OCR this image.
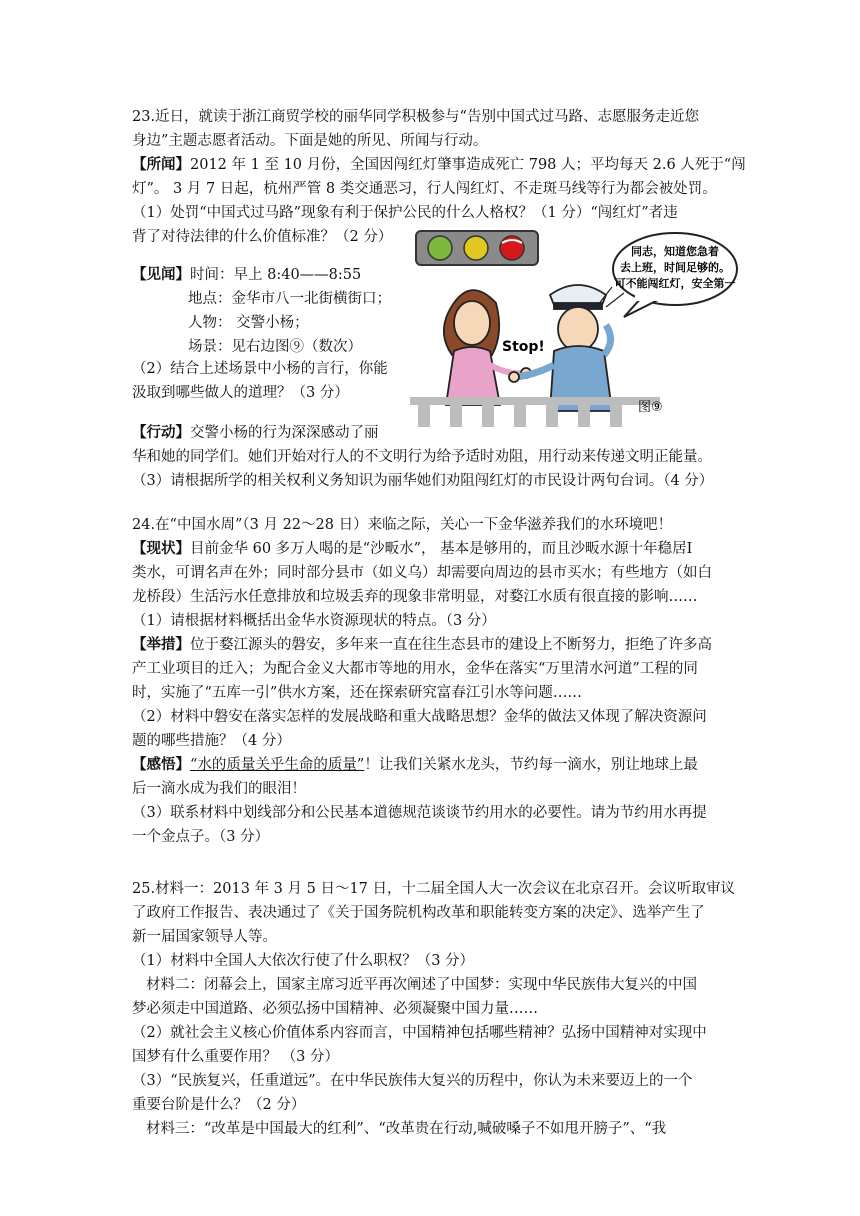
23.近日，就读于浙江商贸学校的丽华同学积极参与“告别中国式过马路、志愿服务走近您
身边”主题志愿者活动。下面是她的所见、所闻与行动。
【所闻】2012 年 1 至 10 月份，全国因闯红灯肇事造成死亡 798 人；平均每天 2.6 人死于“闯
灯”。 3 月 7 日起，杭州严管 8 类交通恶习，行人闯红灯、不走斑马线等行为都会被处罚。
（1）处罚“中国式过马路”现象有利于保护公民的什么人格权？（1 分）“闯红灯”者违
背了对待法律的什么价值标准？（2 分）
【见闻】时间：早上 8:40——8:55
地点：金华市八一北街横街口；
人物： 交警小杨；
场景：见右边图⑨（数次）
（2）结合上述场景中小杨的言行，你能
汲取到哪些做人的道理？（3 分）
【行动】交警小杨的行为深深感动了丽
华和她的同学们。她们开始对行人的不文明行为给予适时劝阻，用行动来传递文明正能量。
（3）请根据所学的相关权利义务知识为丽华她们劝阻闯红灯的市民设计两句台词。（4 分）
同志，知道您急着
去上班，时间足够的。
可不能闯红灯，安全第一
Stop!
图⑨
24.在“中国水周”（3 月 22～28 日）来临之际，关心一下金华滋养我们的水环境吧！
【现状】目前金华 60 多万人喝的是“沙畈水”， 基本是够用的，而且沙畈水源十年稳居Ⅰ
类水，可谓名声在外；同时部分县市（如义乌）却需要向周边的县市买水；有些地方（如白
龙桥段）生活污水任意排放和垃圾丢弃的现象非常明显，对婺江水质有很直接的影响……
（1）请根据材料概括出金华水资源现状的特点。（3 分）
【举措】位于婺江源头的磐安，多年来一直在往生态县市的建设上不断努力，拒绝了许多高
产工业项目的迁入；为配合金义大都市等地的用水，金华在落实“万里清水河道”工程的同
时，实施了“五库一引”供水方案，还在探索研究富春江引水等问题……
（2）材料中磐安在落实怎样的发展战略和重大战略思想？金华的做法又体现了解决资源问
题的哪些措施？（4 分）
【感悟】“水的质量关乎生命的质量”！让我们关紧水龙头，节约每一滴水，别让地球上最
后一滴水成为我们的眼泪！
（3）联系材料中划线部分和公民基本道德规范谈谈节约用水的必要性。请为节约用水再提
一个金点子。（3 分）
25.材料一：2013 年 3 月 5 日～17 日，十二届全国人大一次会议在北京召开。会议听取审议
了政府工作报告、表决通过了《关于国务院机构改革和职能转变方案的决定》、选举产生了
新一届国家领导人等。
（1）材料中全国人大依次行使了什么职权？（3 分）
材料二：闭幕会上，国家主席习近平再次阐述了中国梦：实现中华民族伟大复兴的中国
梦必须走中国道路、必须弘扬中国精神、必须凝聚中国力量……
（2）就社会主义核心价值体系内容而言，中国精神包括哪些精神？弘扬中国精神对实现中
国梦有什么重要作用？ （3 分）
（3）“民族复兴，任重道远”。在中华民族伟大复兴的历程中，你认为未来要迈上的一个
重要台阶是什么？（2 分）
材料三：“改革是中国最大的红利”、“改革贵在行动,喊破嗓子不如甩开膀子”、“我
